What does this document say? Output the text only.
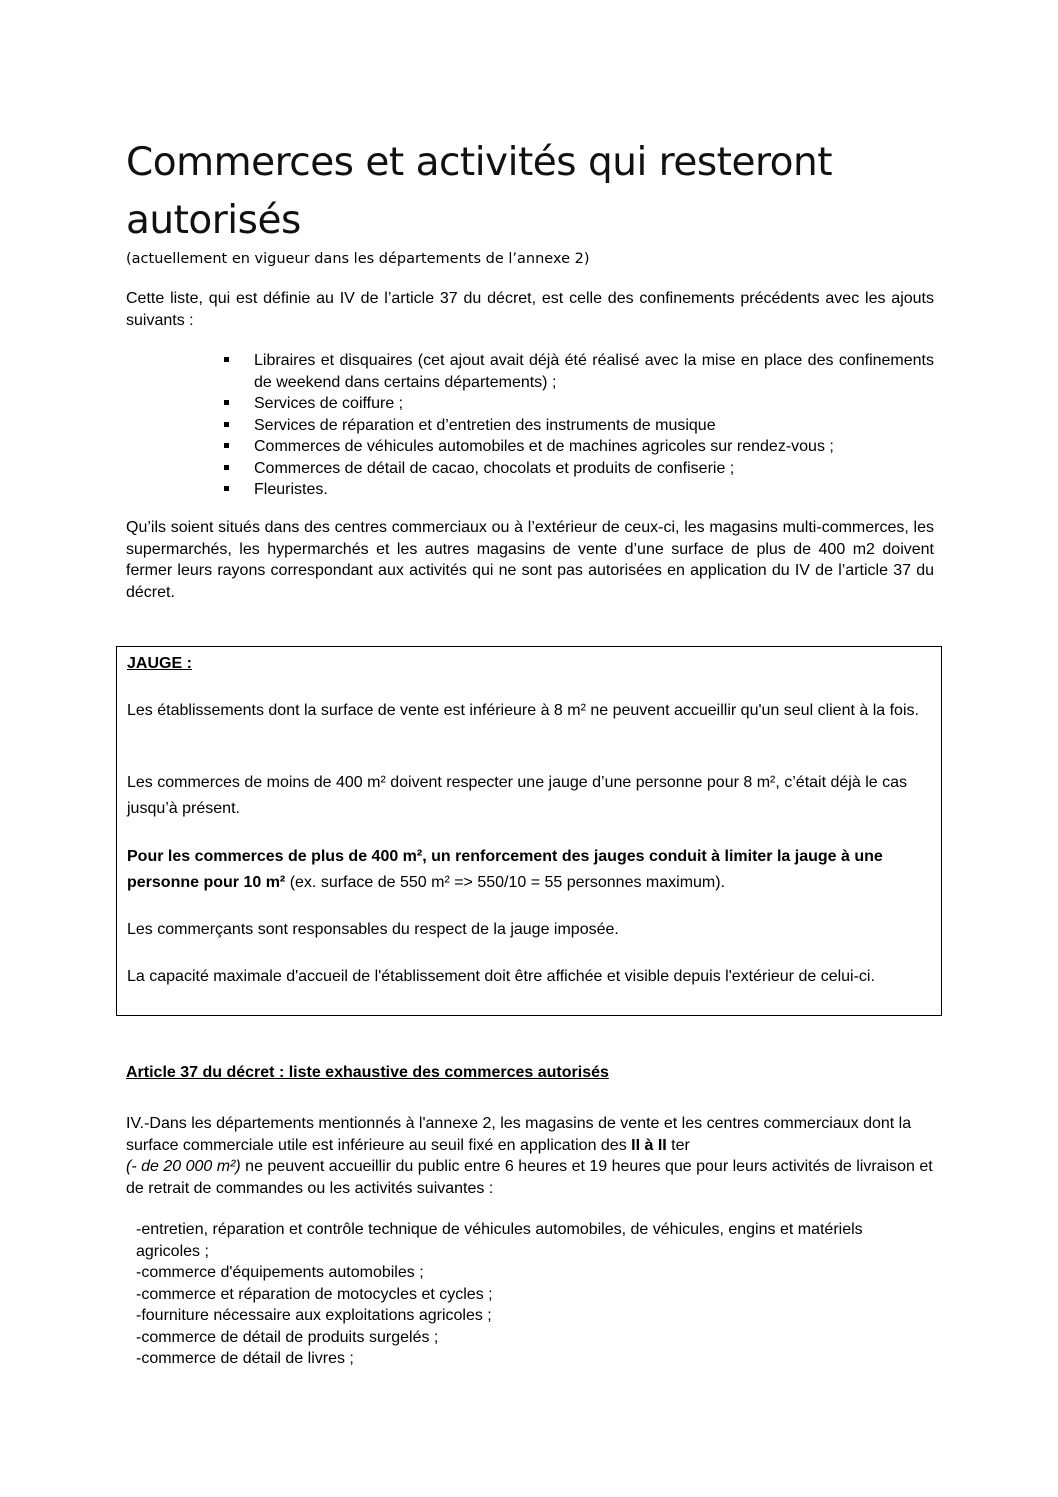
Commerces et activités qui resteront autorisés

(actuellement en vigueur dans les départements de l’annexe 2)

Cette liste, qui est définie au IV de l’article 37 du décret, est celle des confinements précédents avec les ajouts suivants :

Libraires et disquaires (cet ajout avait déjà été réalisé avec la mise en place des confinements de weekend dans certains départements) ;
Services de coiffure ;
Services de réparation et d’entretien des instruments de musique
Commerces de véhicules automobiles et de machines agricoles sur rendez-vous ;
Commerces de détail de cacao, chocolats et produits de confiserie ;
Fleuristes.

Qu’ils soient situés dans des centres commerciaux ou à l’extérieur de ceux-ci, les magasins multi-commerces, les supermarchés, les hypermarchés et les autres magasins de vente d’une surface de plus de 400 m2 doivent fermer leurs rayons correspondant aux activités qui ne sont pas autorisées en application du IV de l’article 37 du décret.

JAUGE :

Les établissements dont la surface de vente est inférieure à 8 m² ne peuvent accueillir qu'un seul client à la fois.

Les commerces de moins de 400 m² doivent respecter une jauge d’une personne pour 8 m², c’était déjà le cas jusqu’à présent.

Pour les commerces de plus de 400 m², un renforcement des jauges conduit à limiter la jauge à une personne pour 10 m² (ex. surface de 550 m² => 550/10 = 55 personnes maximum).

Les commerçants sont responsables du respect de la jauge imposée.

La capacité maximale d'accueil de l'établissement doit être affichée et visible depuis l'extérieur de celui-ci.

Article 37 du décret : liste exhaustive des commerces autorisés

IV.-Dans les départements mentionnés à l'annexe 2, les magasins de vente et les centres commerciaux dont la surface commerciale utile est inférieure au seuil fixé en application des II à II ter
(- de 20 000 m²) ne peuvent accueillir du public entre 6 heures et 19 heures que pour leurs activités de livraison et de retrait de commandes ou les activités suivantes :

-entretien, réparation et contrôle technique de véhicules automobiles, de véhicules, engins et matériels agricoles ;
-commerce d'équipements automobiles ;
-commerce et réparation de motocycles et cycles ;
-fourniture nécessaire aux exploitations agricoles ;
-commerce de détail de produits surgelés ;
-commerce de détail de livres ;
